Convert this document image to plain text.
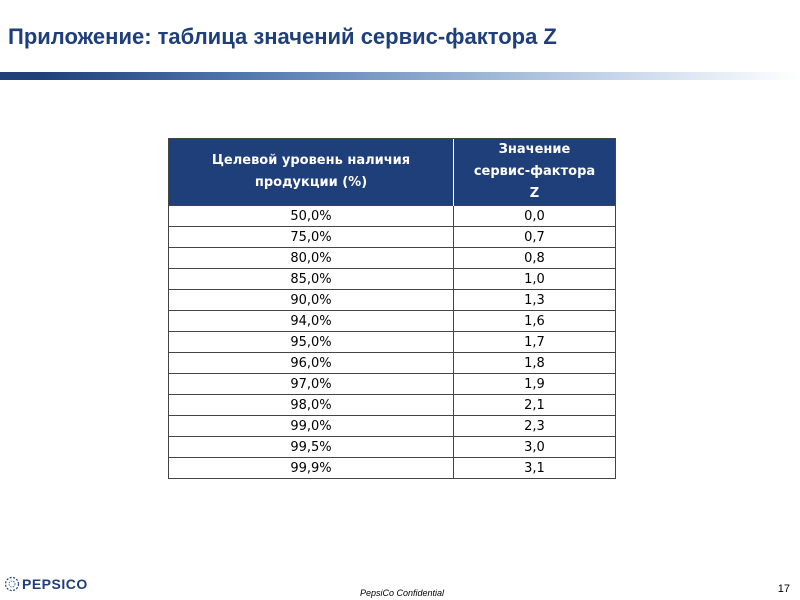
Приложение: таблица значений сервис-фактора Z
Целевой уровень наличия продукции (%)	Значение сервис-фактора Z
50,0%	0,0
75,0%	0,7
80,0%	0,8
85,0%	1,0
90,0%	1,3
94,0%	1,6
95,0%	1,7
96,0%	1,8
97,0%	1,9
98,0%	2,1
99,0%	2,3
99,5%	3,0
99,9%	3,1
PEPSICO
PepsiCo Confidential	17
